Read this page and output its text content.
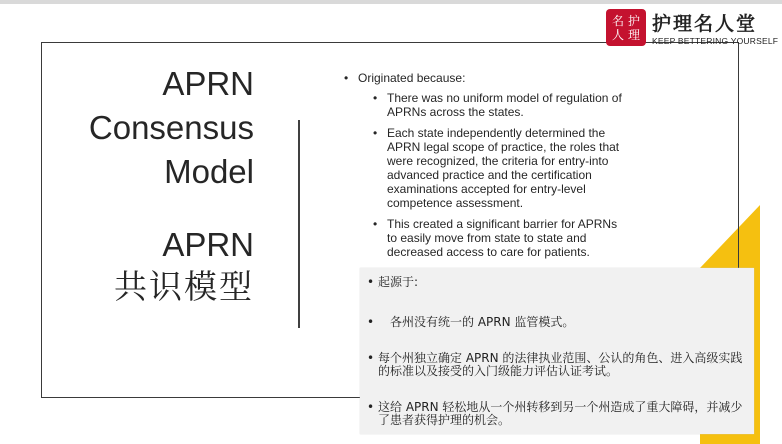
名 护
人 理 护理名人堂
KEEP BETTERING YOURSELF
APRN
Consensus
Model
APRN
共识模型
• Originated because:
• There was no uniform model of regulation of APRNs across the states.
• Each state independently determined the APRN legal scope of practice, the roles that were recognized, the criteria for entry-into advanced practice and the certification examinations accepted for entry-level competence assessment.
• This created a significant barrier for APRNs to easily move from state to state and decreased access to care for patients.
• 起源于:
•	各州没有统一的 APRN 监管模式。
• 每个州独立确定 APRN 的法律执业范围、公认的角色、进入高级实践的标准以及接受的入门级能力评估认证考试。
• 这给 APRN 轻松地从一个州转移到另一个州造成了重大障碍，并减少了患者获得护理的机会。
